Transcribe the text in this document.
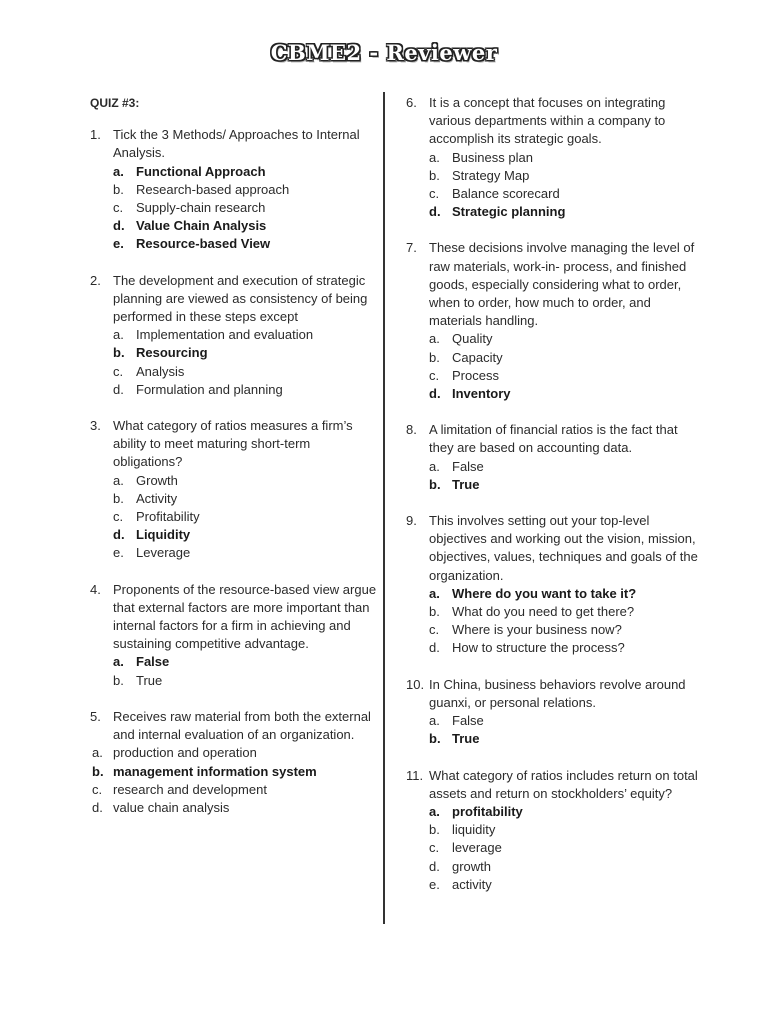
CBME2 - Reviewer
QUIZ #3:
1. Tick the 3 Methods/ Approaches to Internal Analysis.
a. Functional Approach
b. Research-based approach
c. Supply-chain research
d. Value Chain Analysis
e. Resource-based View
2. The development and execution of strategic planning are viewed as consistency of being performed in these steps except
a. Implementation and evaluation
b. Resourcing
c. Analysis
d. Formulation and planning
3. What category of ratios measures a firm’s ability to meet maturing short-term obligations?
a. Growth
b. Activity
c. Profitability
d. Liquidity
e. Leverage
4. Proponents of the resource-based view argue that external factors are more important than internal factors for a firm in achieving and sustaining competitive advantage.
a. False
b. True
5. Receives raw material from both the external and internal evaluation of an organization.
a. production and operation
b. management information system
c. research and development
d. value chain analysis
6. It is a concept that focuses on integrating various departments within a company to accomplish its strategic goals.
a. Business plan
b. Strategy Map
c. Balance scorecard
d. Strategic planning
7. These decisions involve managing the level of raw materials, work-in- process, and finished goods, especially considering what to order, when to order, how much to order, and materials handling.
a. Quality
b. Capacity
c. Process
d. Inventory
8. A limitation of financial ratios is the fact that they are based on accounting data.
a. False
b. True
9. This involves setting out your top-level objectives and working out the vision, mission, objectives, values, techniques and goals of the organization.
a. Where do you want to take it?
b. What do you need to get there?
c. Where is your business now?
d. How to structure the process?
10. In China, business behaviors revolve around guanxi, or personal relations.
a. False
b. True
11. What category of ratios includes return on total assets and return on stockholders’ equity?
a. profitability
b. liquidity
c. leverage
d. growth
e. activity
